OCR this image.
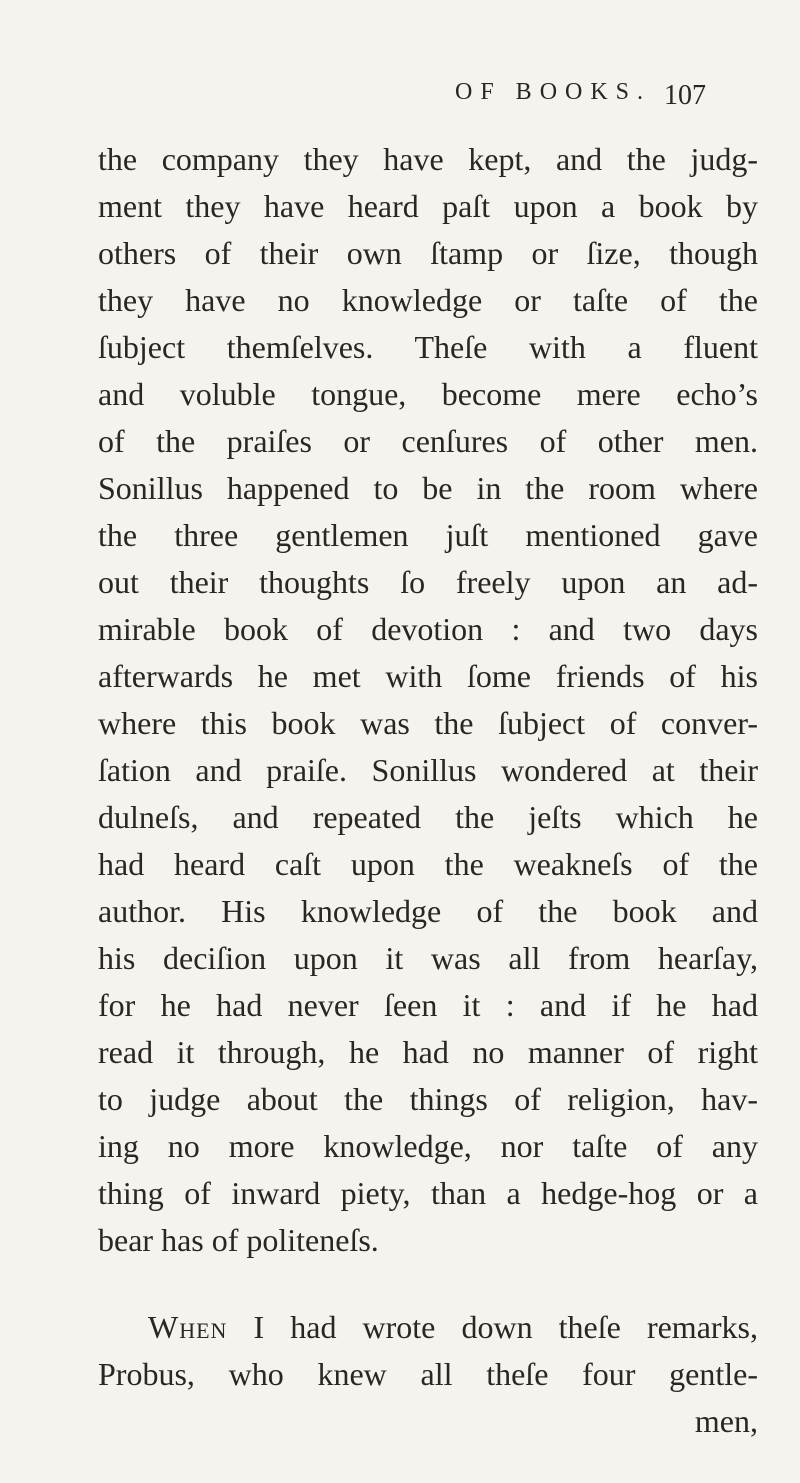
OF BOOKS. 107
the company they have kept, and the judg-
ment they have heard paſt upon a book by
others of their own ſtamp or ſize, though
they have no knowledge or taſte of the
ſubject themſelves. Theſe with a fluent
and voluble tongue, become mere echo’s
of the praiſes or cenſures of other men.
Sonillus happened to be in the room where
the three gentlemen juſt mentioned gave
out their thoughts ſo freely upon an ad-
mirable book of devotion : and two days
afterwards he met with ſome friends of his
where this book was the ſubject of conver-
ſation and praiſe. Sonillus wondered at their
dulneſs, and repeated the jeſts which he
had heard caſt upon the weakneſs of the
author. His knowledge of the book and
his deciſion upon it was all from hearſay,
for he had never ſeen it : and if he had
read it through, he had no manner of right
to judge about the things of religion, hav-
ing no more knowledge, nor taſte of any
thing of inward piety, than a hedge-hog or a
bear has of politeneſs.
When I had wrote down theſe remarks,
Probus, who knew all theſe four gentle-
men,
